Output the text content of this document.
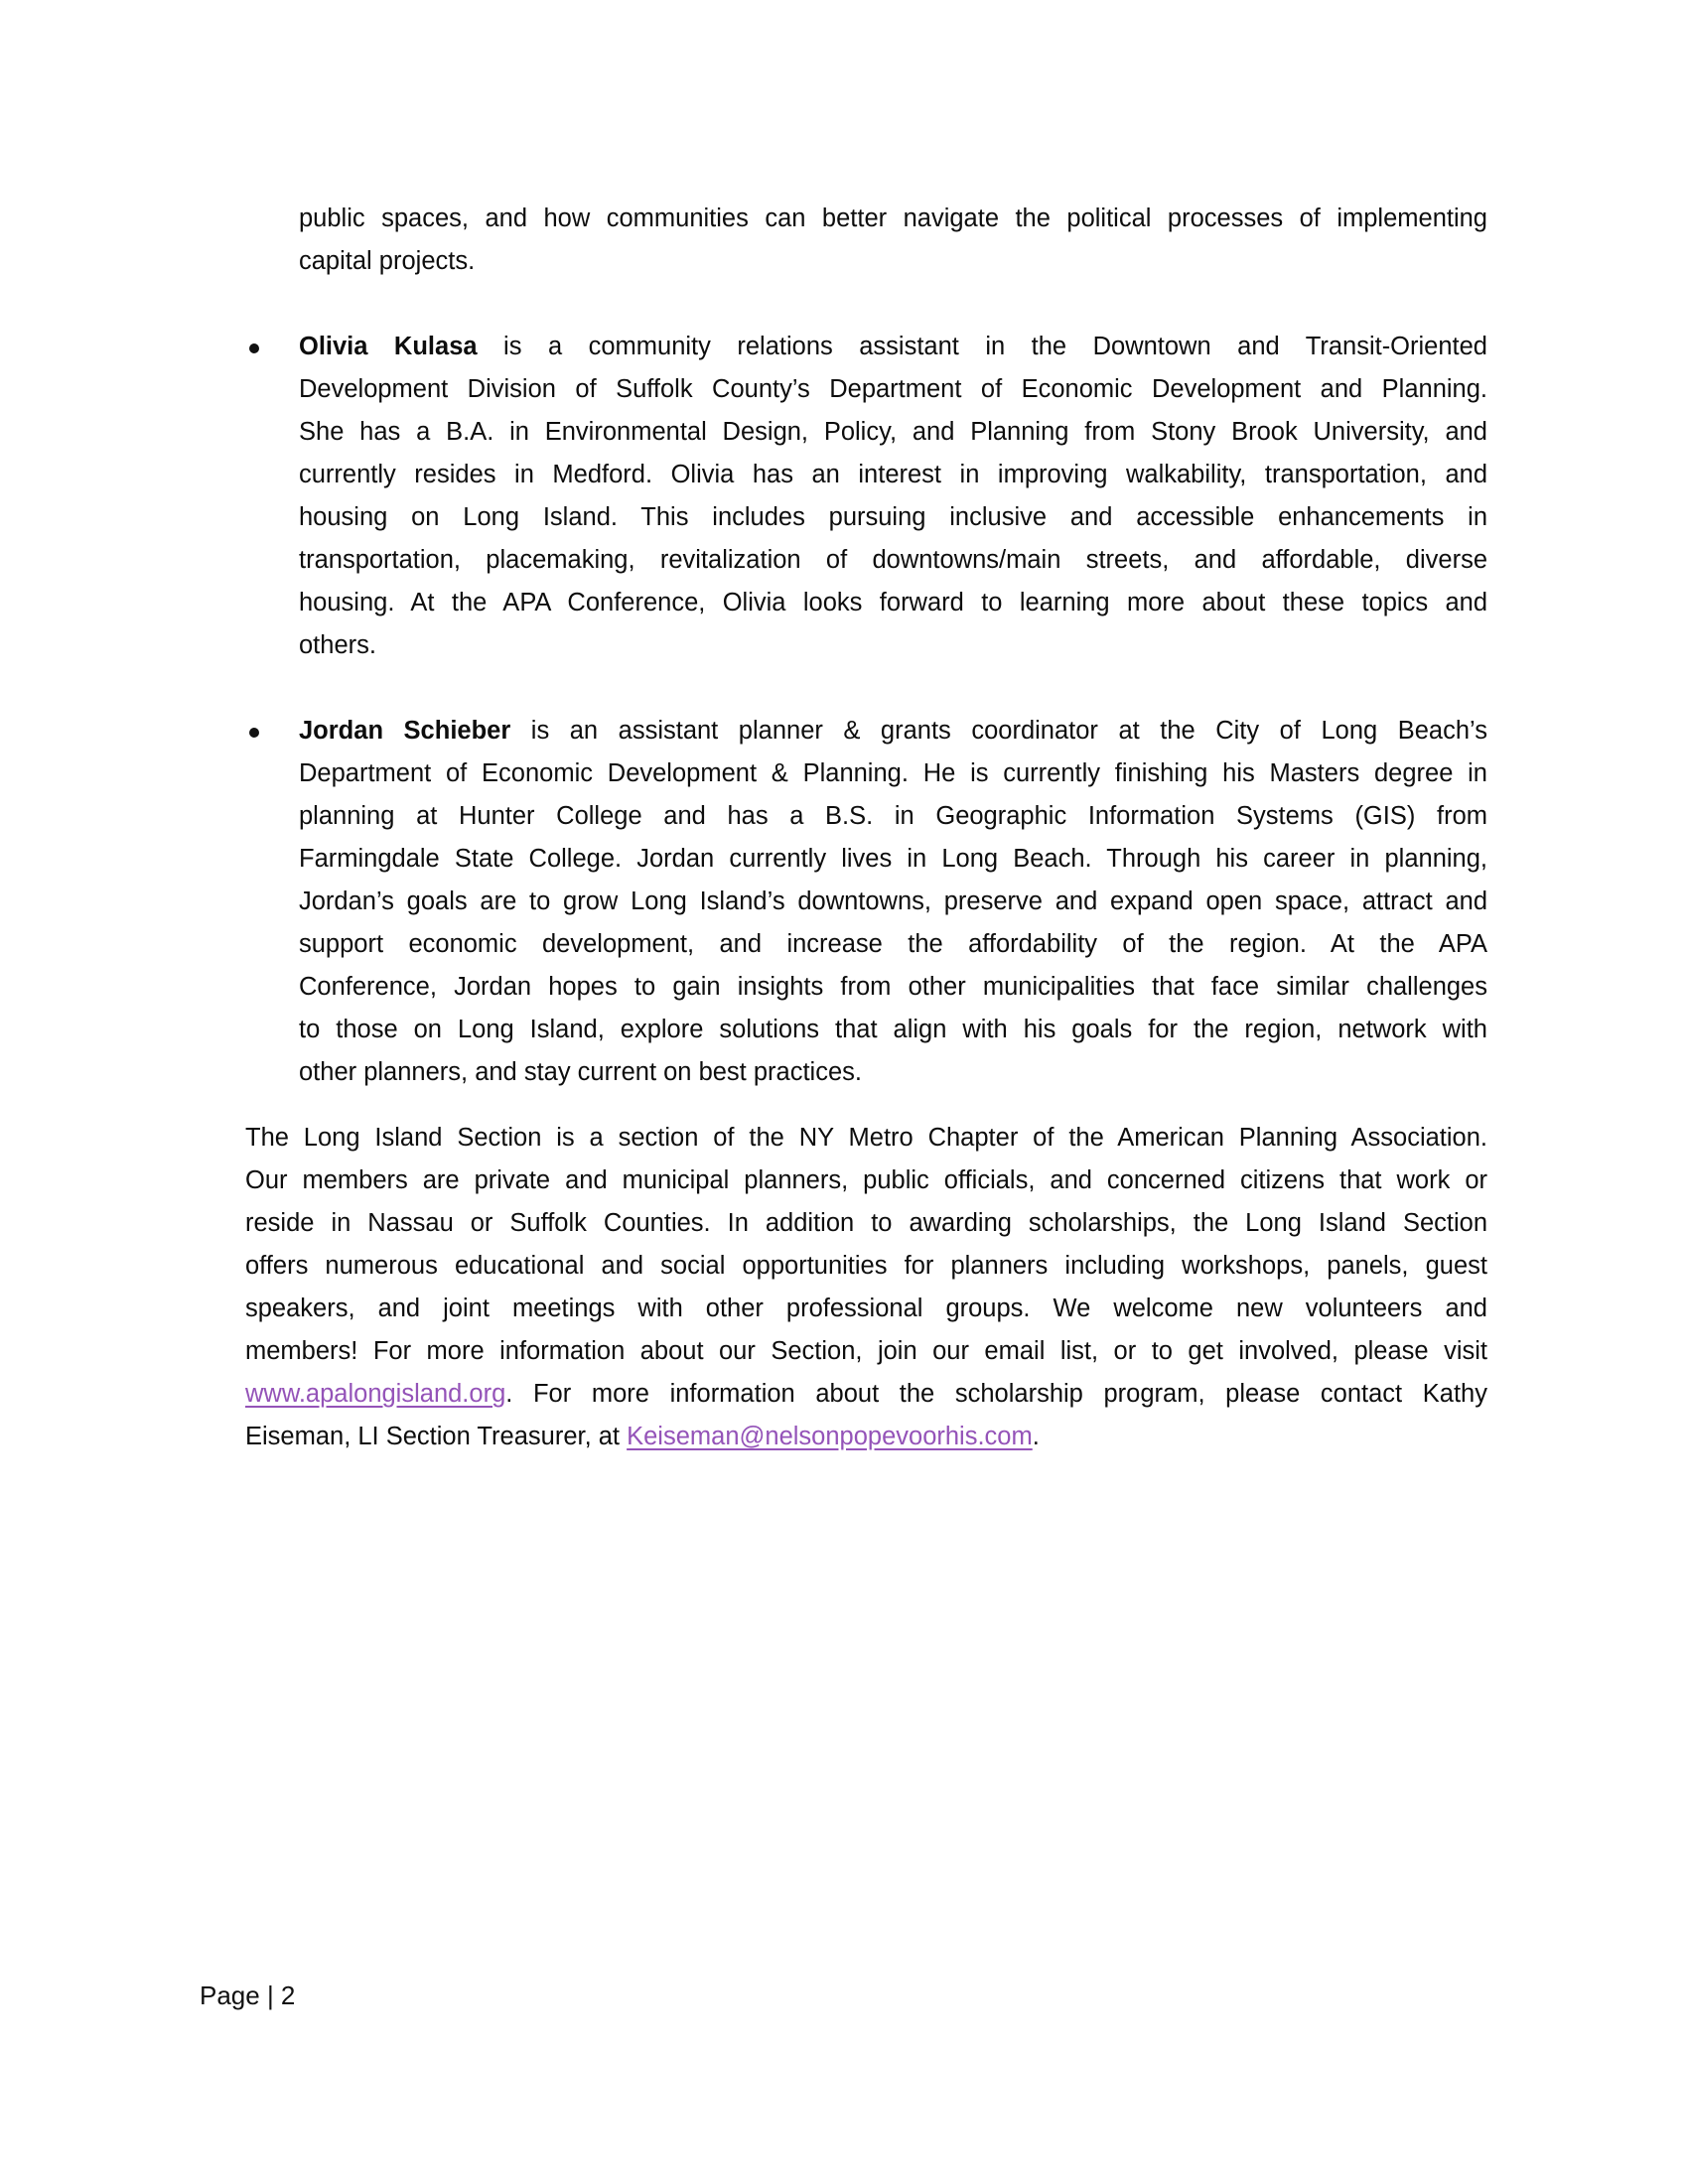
public spaces, and how communities can better navigate the political processes of implementing
capital projects.
Olivia Kulasa is a community relations assistant in the Downtown and Transit-Oriented
Development Division of Suffolk County’s Department of Economic Development and Planning.
She has a B.A. in Environmental Design, Policy, and Planning from Stony Brook University, and
currently resides in Medford. Olivia has an interest in improving walkability, transportation, and
housing on Long Island. This includes pursuing inclusive and accessible enhancements in
transportation, placemaking, revitalization of downtowns/main streets, and affordable, diverse
housing. At the APA Conference, Olivia looks forward to learning more about these topics and
others.
Jordan Schieber is an assistant planner & grants coordinator at the City of Long Beach’s
Department of Economic Development & Planning. He is currently finishing his Masters degree in
planning at Hunter College and has a B.S. in Geographic Information Systems (GIS) from
Farmingdale State College. Jordan currently lives in Long Beach. Through his career in planning,
Jordan’s goals are to grow Long Island’s downtowns, preserve and expand open space, attract and
support economic development, and increase the affordability of the region. At the APA
Conference, Jordan hopes to gain insights from other municipalities that face similar challenges
to those on Long Island, explore solutions that align with his goals for the region, network with
other planners, and stay current on best practices.
The Long Island Section is a section of the NY Metro Chapter of the American Planning Association.
Our members are private and municipal planners, public officials, and concerned citizens that work or
reside in Nassau or Suffolk Counties. In addition to awarding scholarships, the Long Island Section
offers numerous educational and social opportunities for planners including workshops, panels, guest
speakers, and joint meetings with other professional groups. We welcome new volunteers and
members! For more information about our Section, join our email list, or to get involved, please visit
www.apalongisland.org. For more information about the scholarship program, please contact Kathy
Eiseman, LI Section Treasurer, at Keiseman@nelsonpopevoorhis.com.
Page | 2
